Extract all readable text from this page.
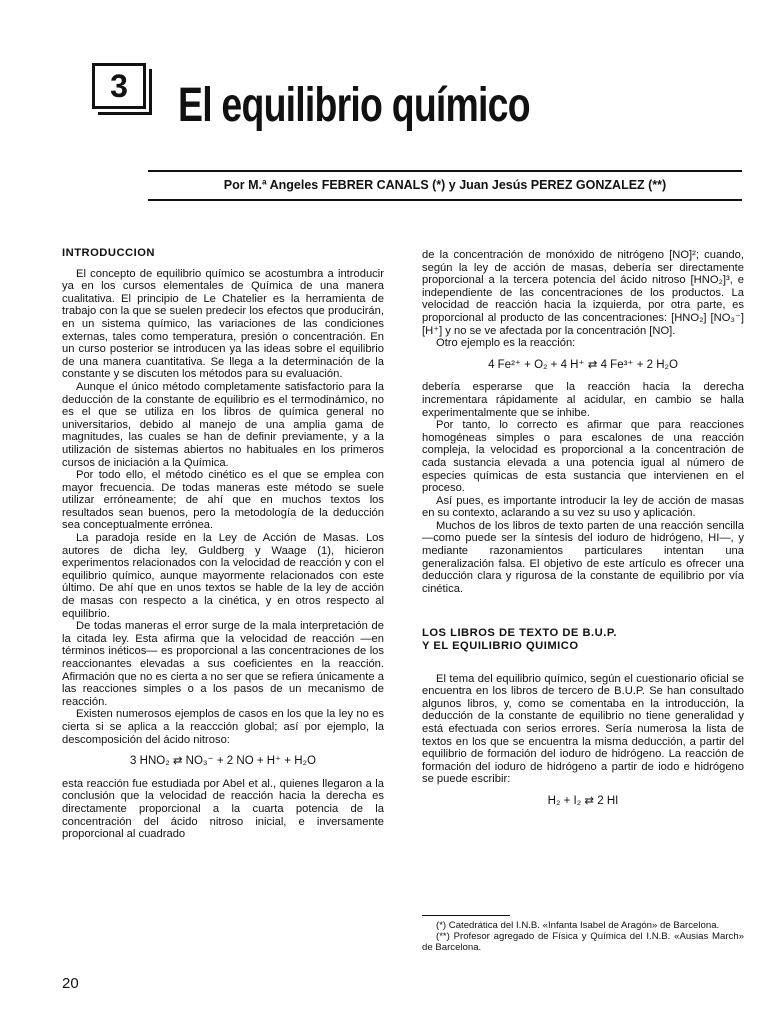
3 El equilibrio químico
Por M.ª Angeles FEBRER CANALS (*) y Juan Jesús PEREZ GONZALEZ (**)
INTRODUCCION

El concepto de equilibrio químico se acostumbra a introducir ya en los cursos elementales de Química de una manera cualitativa. El principio de Le Chatelier es la herramienta de trabajo con la que se suelen predecir los efectos que producirán, en un sistema químico, las variaciones de las condiciones externas, tales como temperatura, presión o concentración. En un curso posterior se introducen ya las ideas sobre el equilibrio de una manera cuantitativa. Se llega a la determinación de la constante y se discuten los métodos para su evaluación.

Aunque el único método completamente satisfactorio para la deducción de la constante de equilibrio es el termodinámico, no es el que se utiliza en los libros de química general no universitarios, debido al manejo de una amplia gama de magnitudes, las cuales se han de definir previamente, y a la utilización de sistemas abiertos no habituales en los primeros cursos de iniciación a la Química.

Por todo ello, el método cinético es el que se emplea con mayor frecuencia. De todas maneras este método se suele utilizar erróneamente; de ahí que en muchos textos los resultados sean buenos, pero la metodología de la deducción sea conceptualmente errónea.

La paradoja reside en la Ley de Acción de Masas. Los autores de dicha ley, Guldberg y Waage (1), hicieron experimentos relacionados con la velocidad de reacción y con el equilibrio químico, aunque mayormente relacionados con este último. De ahí que en unos textos se hable de la ley de acción de masas con respecto a la cinética, y en otros respecto al equilibrio.

De todas maneras el error surge de la mala interpretación de la citada ley. Esta afirma que la velocidad de reacción —en términos inéticos— es proporcional a las concentraciones de los reaccionantes elevadas a sus coeficientes en la reacción. Afirmación que no es cierta a no ser que se refiera únicamente a las reacciones simples o a los pasos de un mecanismo de reacción.

Existen numerosos ejemplos de casos en los que la ley no es cierta si se aplica a la reaccción global; así por ejemplo, la descomposición del ácido nitroso:

3 HNO₂ ⇄ NO₃⁻ + 2 NO + H⁺ + H₂O

esta reacción fue estudiada por Abel et al., quienes llegaron a la conclusión que la velocidad de reacción hacia la derecha es directamente proporcional a la cuarta potencia de la concentración del ácido nitroso inicial, e inversamente proporcional al cuadrado

de la concentración de monóxido de nitrógeno [NO]²; cuando, según la ley de acción de masas, debería ser directamente proporcional a la tercera potencia del ácido nitroso [HNO₂]³, e independiente de las concentraciones de los productos. La velocidad de reacción hacia la izquierda, por otra parte, es proporcional al producto de las concentraciones: [HNO₂] [NO₃⁻] [H⁺] y no se ve afectada por la concentración [NO].

Otro ejemplo es la reacción:

4 Fe²⁺ + O₂ + 4 H⁺ ⇄ 4 Fe³⁺ + 2 H₂O

debería esperarse que la reacción hacia la derecha incrementara rápidamente al acidular, en cambio se halla experimentalmente que se inhibe.

Por tanto, lo correcto es afirmar que para reacciones homogéneas simples o para escalones de una reacción compleja, la velocidad es proporcional a la concentración de cada sustancia elevada a una potencia igual al número de especies químicas de esta sustancia que intervienen en el proceso.

Así pues, es importante introducir la ley de acción de masas en su contexto, aclarando a su vez su uso y aplicación.

Muchos de los libros de texto parten de una reacción sencilla —como puede ser la síntesis del ioduro de hidrógeno, HI—, y mediante razonamientos particulares intentan una generalización falsa. El objetivo de este artículo es ofrecer una deducción clara y rigurosa de la constante de equilibrio por vía cinética.

LOS LIBROS DE TEXTO DE B.U.P.
Y EL EQUILIBRIO QUIMICO

El tema del equilibrio químico, según el cuestionario oficial se encuentra en los libros de tercero de B.U.P. Se han consultado algunos libros, y, como se comentaba en la introducción, la deducción de la constante de equilibrio no tiene generalidad y está efectuada con serios errores. Sería numerosa la lista de textos en los que se encuentra la misma deducción, a partir del equilibrio de formación del ioduro de hidrógeno. La reacción de formación del ioduro de hidrógeno a partir de iodo e hidrógeno se puede escribir:

H₂ + I₂ ⇄ 2 HI

(*) Catedrática del I.N.B. «Infanta Isabel de Aragón» de Barcelona.

(**) Profesor agregado de Física y Química del I.N.B. «Ausias March» de Barcelona.

20
